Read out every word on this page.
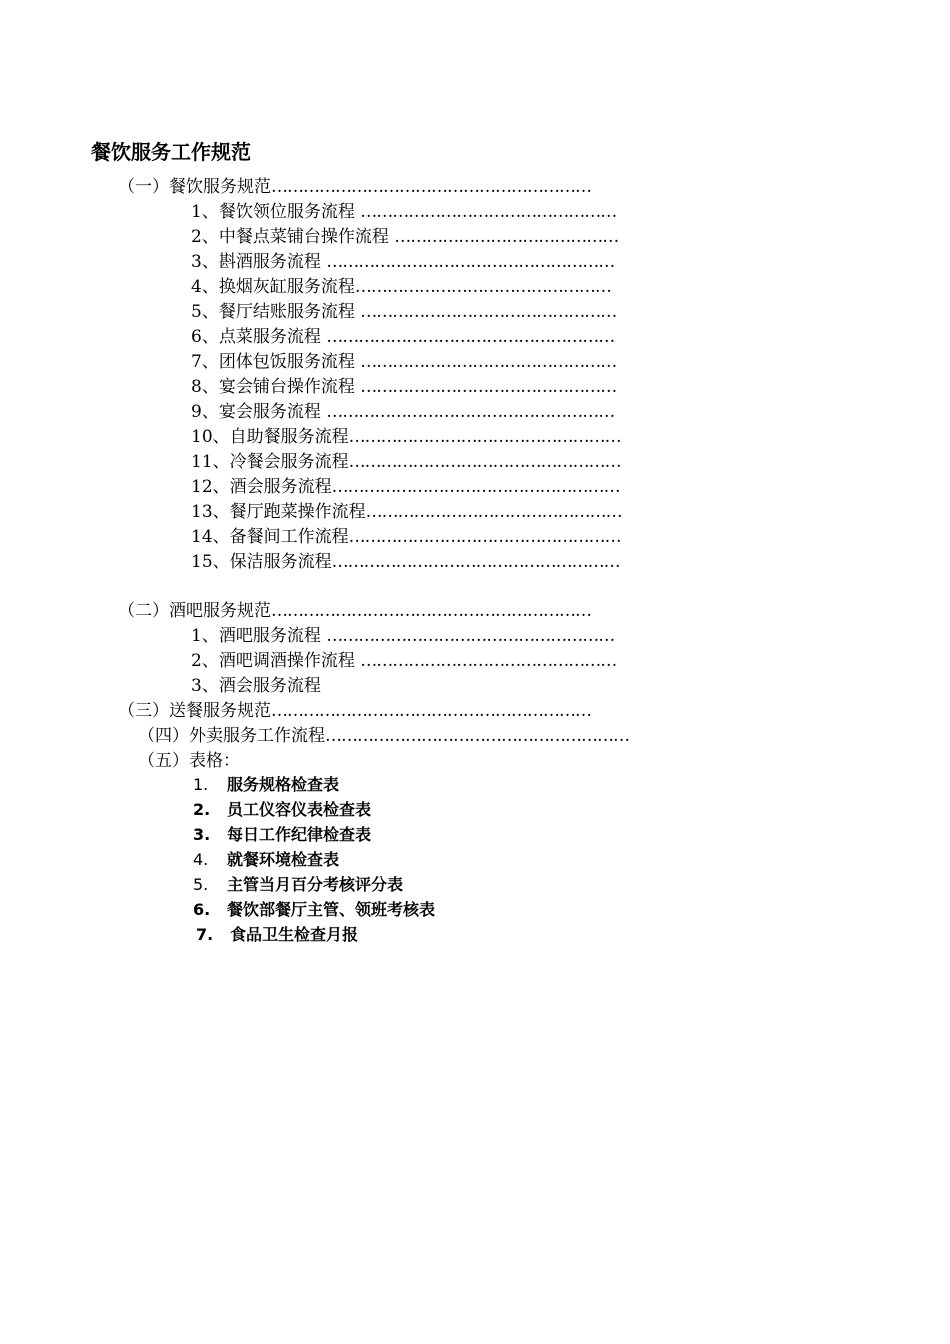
餐饮服务工作规范
（一）餐饮服务规范……………………………………………………
1、餐饮领位服务流程 …………………………………………
2、中餐点菜铺台操作流程 ……………………………………
3、斟酒服务流程 ………………………………………………
4、换烟灰缸服务流程…………………………………………
5、餐厅结账服务流程 …………………………………………
6、点菜服务流程 ………………………………………………
7、团体包饭服务流程 …………………………………………
8、宴会铺台操作流程 …………………………………………
9、宴会服务流程 ………………………………………………
10、自助餐服务流程……………………………………………
11、冷餐会服务流程……………………………………………
12、酒会服务流程………………………………………………
13、餐厅跑菜操作流程…………………………………………
14、备餐间工作流程……………………………………………
15、保洁服务流程………………………………………………
（二）酒吧服务规范……………………………………………………
1、酒吧服务流程 ………………………………………………
2、酒吧调酒操作流程 …………………………………………
3、酒会服务流程
（三）送餐服务规范……………………………………………………
（四）外卖服务工作流程…………………………………………………
（五）表格：
1. 服务规格检查表
2. 员工仪容仪表检查表
3. 每日工作纪律检查表
4. 就餐环境检查表
5. 主管当月百分考核评分表
6. 餐饮部餐厅主管、领班考核表
7. 食品卫生检查月报
